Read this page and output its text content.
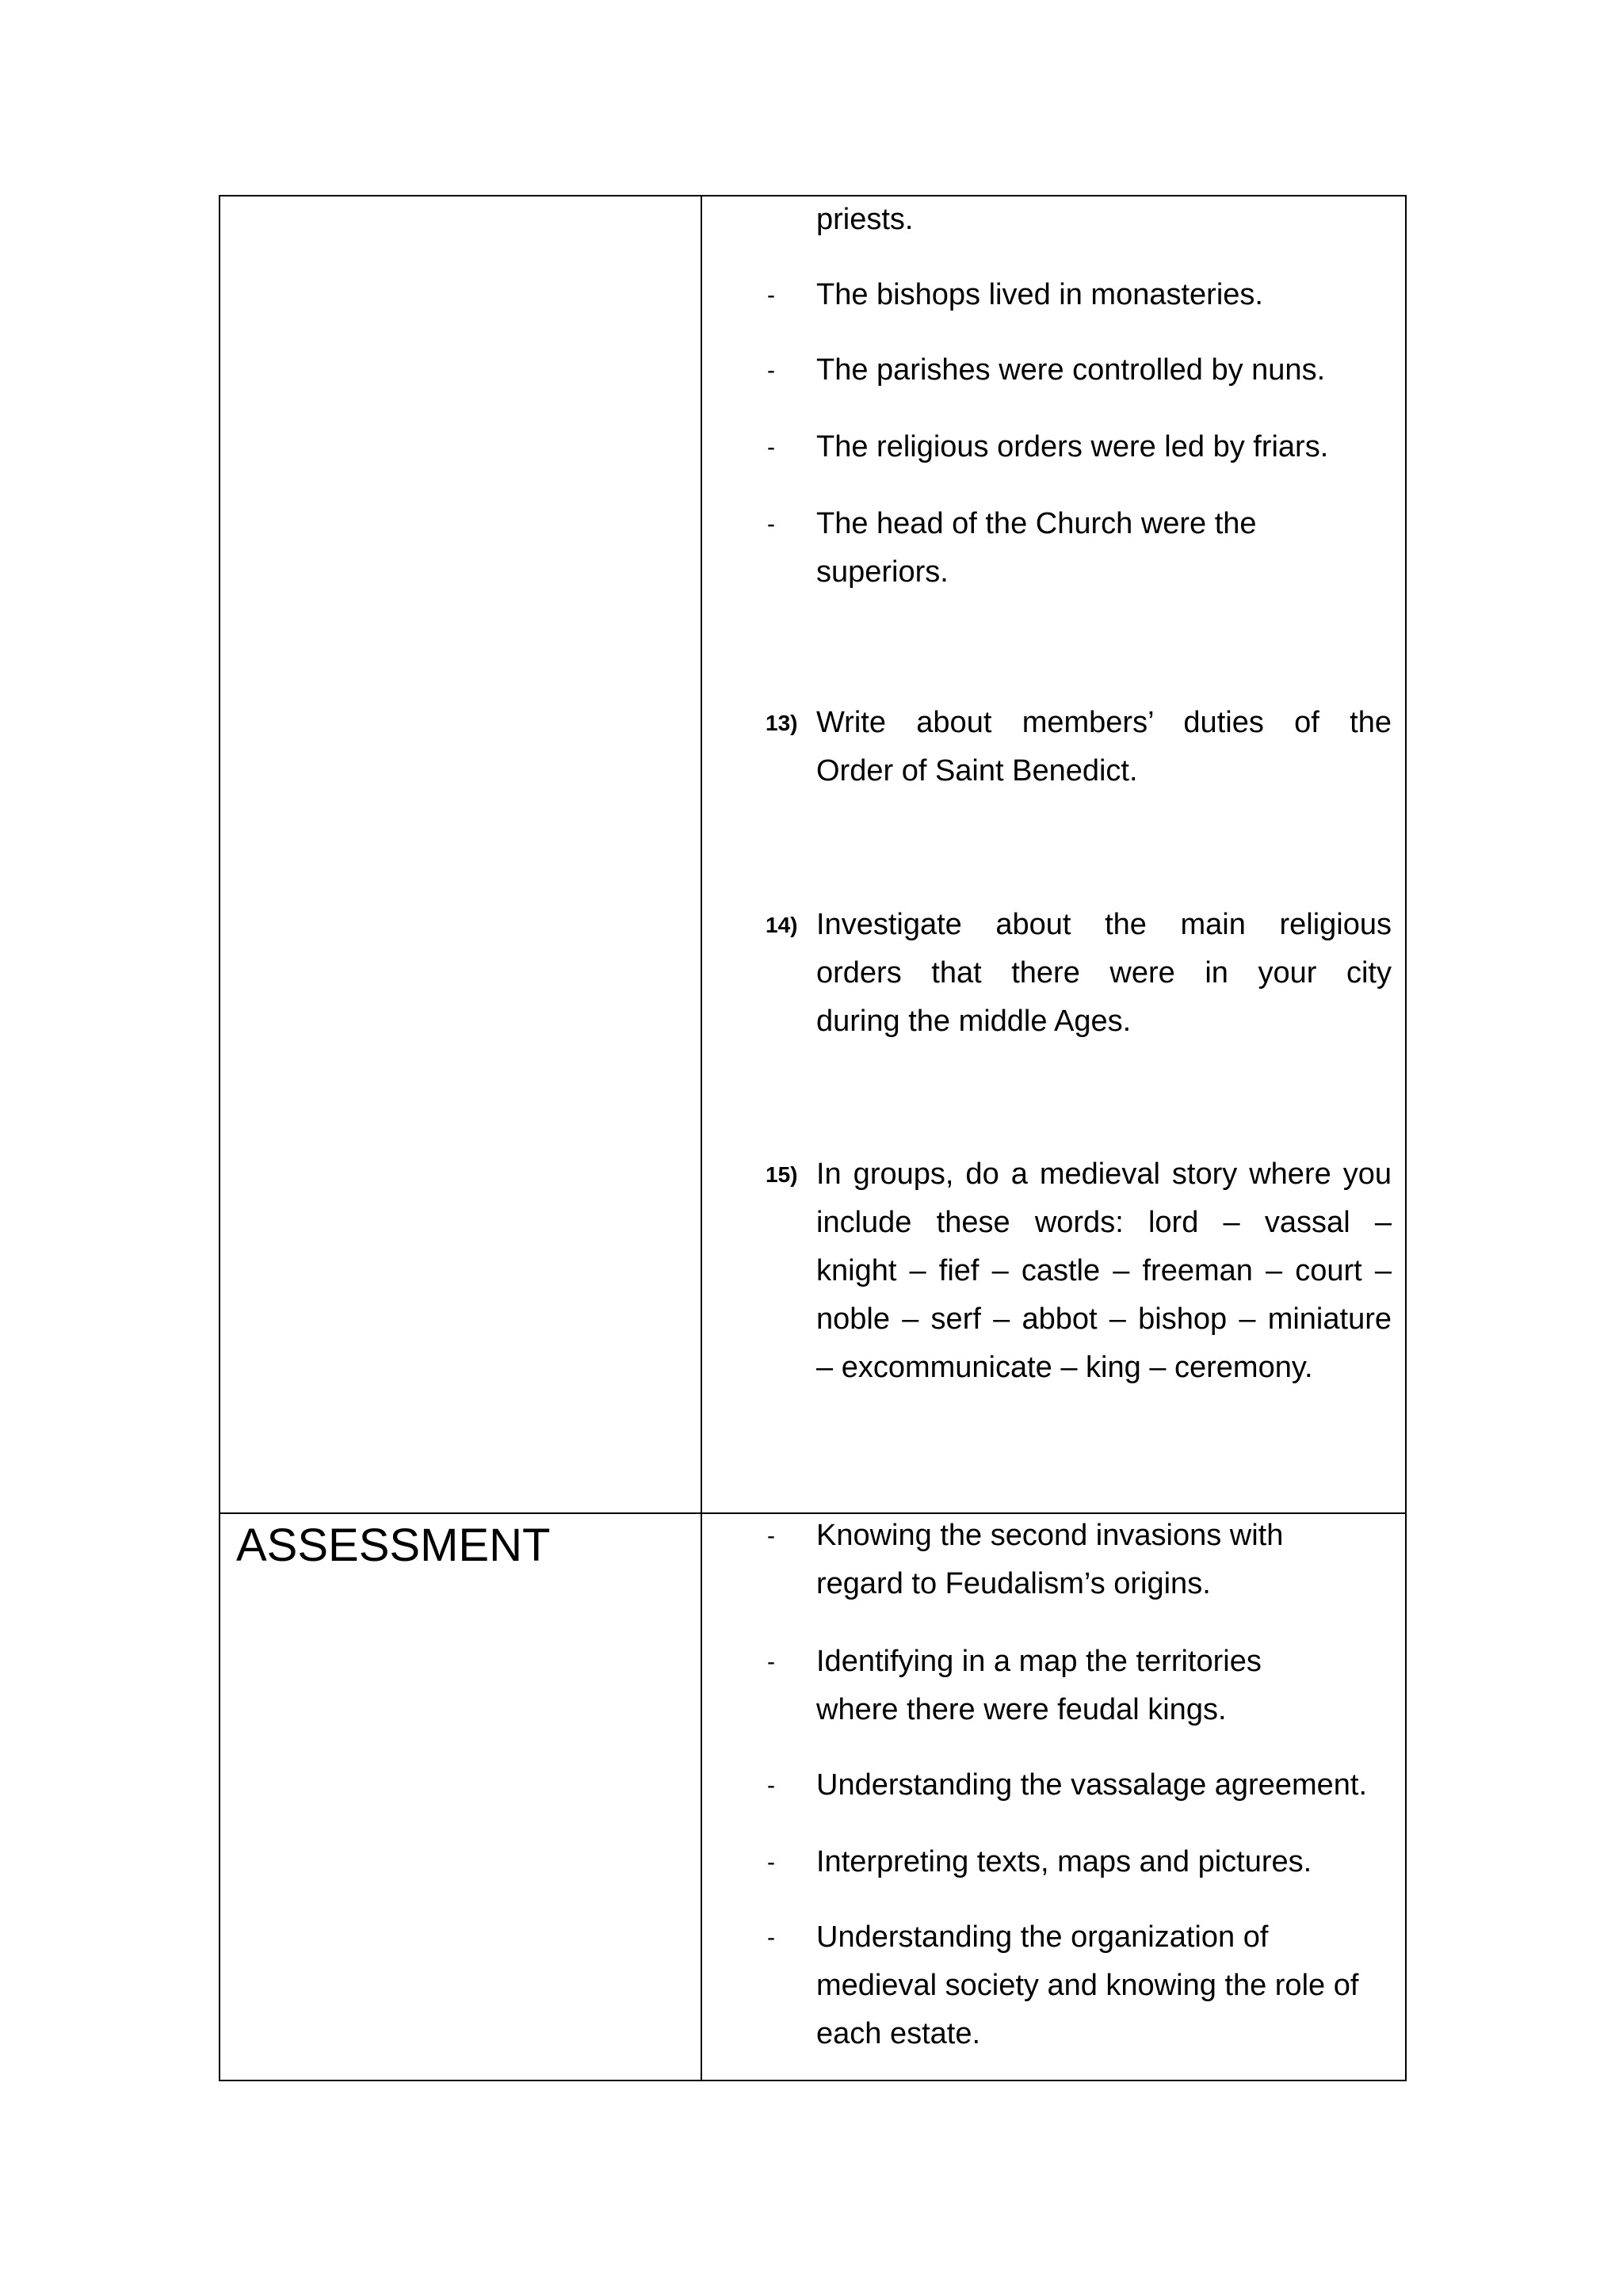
priests.
- The bishops lived in monasteries.
- The parishes were controlled by nuns.
- The religious orders were led by friars.
- The head of the Church were the
superiors.
13) Write about members’ duties of the
Order of Saint Benedict.
14) Investigate about the main religious
orders that there were in your city
during the middle Ages.
15) In groups, do a medieval story where you
include these words: lord – vassal –
knight – fief – castle – freeman – court –
noble – serf – abbot – bishop – miniature
– excommunicate – king – ceremony.
ASSESSMENT	- Knowing the second invasions with
regard to Feudalism’s origins.
- Identifying in a map the territories
where there were feudal kings.
- Understanding the vassalage agreement.
- Interpreting texts, maps and pictures.
- Understanding the organization of
medieval society and knowing the role of
each estate.
